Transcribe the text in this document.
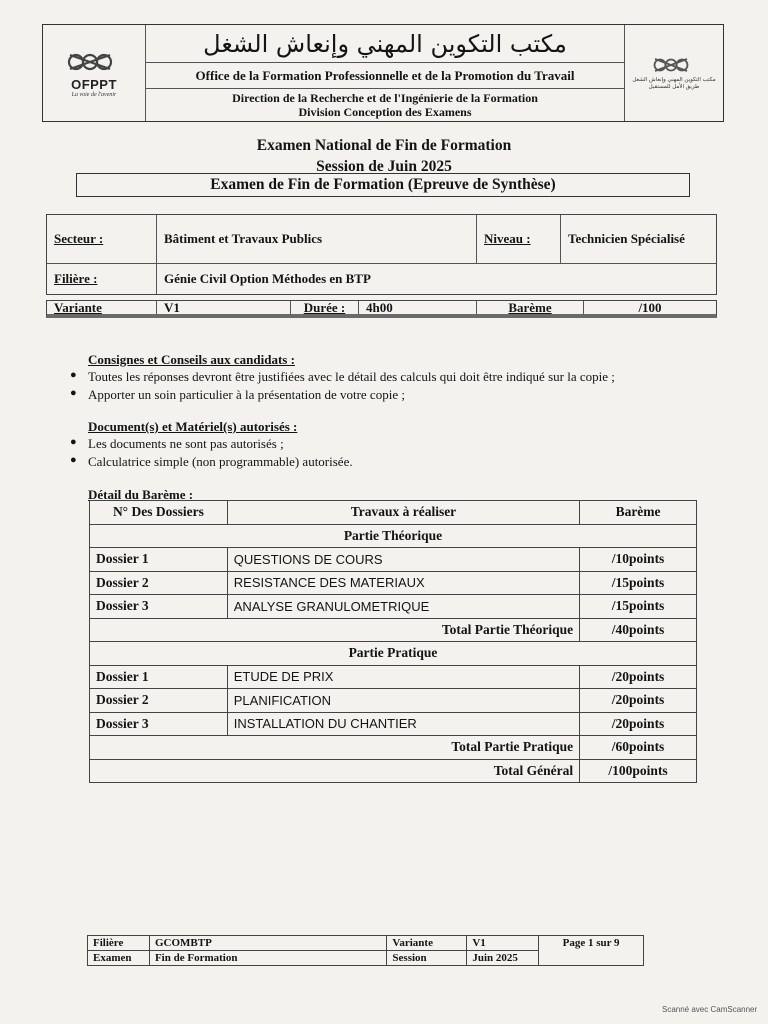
OFPPT
La voie de l'avenir
مكتب التكوين المهني وإنعاش الشغل
Office de la Formation Professionnelle et de la Promotion du Travail
Direction de la Recherche et de l'Ingénierie de la Formation
Division Conception des Examens
مكتب التكوين المهني وإنعاش الشغل طريق الأمل للمستقبل
Examen National de Fin de Formation
Session de Juin 2025
Examen de Fin de Formation (Epreuve de Synthèse)
Secteur :	Bâtiment et Travaux Publics	Niveau :	Technicien Spécialisé
Filière :	Génie Civil Option Méthodes en BTP
Variante	V1	Durée :	4h00	Barème	/100
Consignes et Conseils aux candidats :
● Toutes les réponses devront être justifiées avec le détail des calculs qui doit être indiqué sur la copie ;
● Apporter un soin particulier à la présentation de votre copie ;
Document(s) et Matériel(s) autorisés :
● Les documents ne sont pas autorisés ;
● Calculatrice simple (non programmable) autorisée.
Détail du Barème :
N° Des Dossiers	Travaux à réaliser	Barème
Partie Théorique		
Dossier 1	QUESTIONS DE COURS	/10points
Dossier 2	RESISTANCE DES MATERIAUX	/15points
Dossier 3	ANALYSE GRANULOMETRIQUE	/15points
Total Partie Théorique		/40points
Partie Pratique		
Dossier 1	ETUDE DE PRIX	/20points
Dossier 2	PLANIFICATION	/20points
Dossier 3	INSTALLATION DU CHANTIER	/20points
Total Partie Pratique		/60points
Total Général		/100points
Filière	GCOMBTP	Variante	V1	Page 1 sur 9
Examen	Fin de Formation	Session	Juin 2025	
Scanné avec CamScanner
